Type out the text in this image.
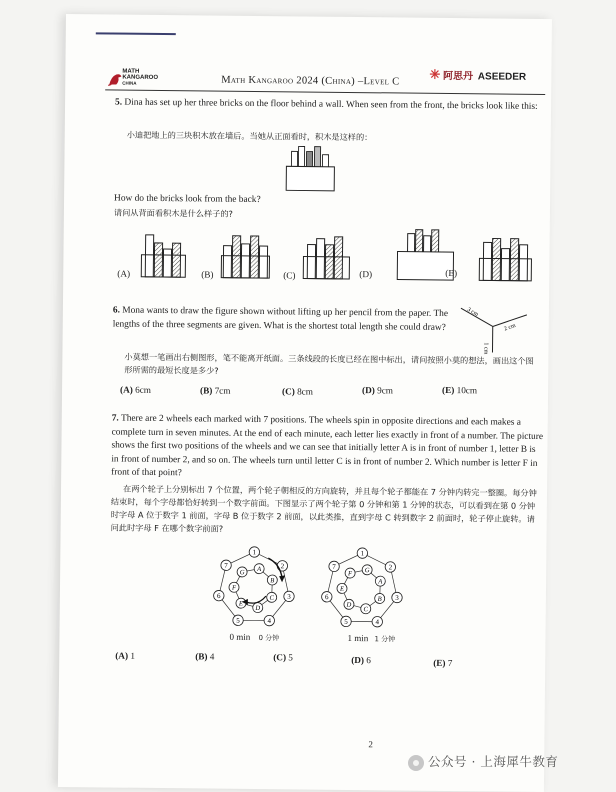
MATH
KANGAROO
CHINA	Math Kangaroo 2024 (China) –Level C ✳ 阿思丹 ASEEDER
5. Dina has set up her three bricks on the floor behind a wall. When seen from the front, the bricks look like this:
小迪把地上的三块积木放在墙后。当她从正面看时，积木是这样的：
How do the bricks look from the back?
请问从背面看积木是什么样子的?
(A)	(B)	(C)	(D)	(E)
6. Mona wants to draw the figure shown without lifting up her pencil from the paper. The lengths of the three segments are given. What is the shortest total length she could draw?
3 cm
2 cm
1 cm
小莫想一笔画出右侧图形，笔不能离开纸面。三条线段的长度已经在图中标出，请问按照小莫的想法，画出这个图形所需的最短长度是多少?
(A) 6cm	(B) 7cm	(C) 8cm	(D) 9cm	(E) 10cm
7. There are 2 wheels each marked with 7 positions. The wheels spin in opposite directions and each makes a complete turn in seven minutes. At the end of each minute, each letter lies exactly in front of a number. The picture shows the first two positions of the wheels and we can see that initially letter A is in front of number 1, letter B is in front of number 2, and so on. The wheels turn until letter C is in front of number 2. Which number is letter F in front of that point?
在两个轮子上分别标出 7 个位置，两个轮子朝相反的方向旋转，并且每个轮子都能在 7 分钟内转完一整圈。每分钟结束时，每个字母都恰好转到一个数字前面。下图显示了两个轮子第 0 分钟和第 1 分钟的状态，可以看到在第 0 分钟时字母 A 位于数字 1 前面，字母 B 位于数字 2 前面，以此类推，直到字母 C 转到数字 2 前面时，轮子停止旋转。请问此时字母 F 在哪个数字前面?
1
2
3
4
5
6
7	A
B
C
D
E
F
G
1
2
3
4
5
6
7
A
B
C
D
E
F G
0 min 0 分钟	1 min 1 分钟
(A) 1	(B) 4	(C) 5	(D) 6	(E) 7
2
公众号 · 上海犀牛教育
